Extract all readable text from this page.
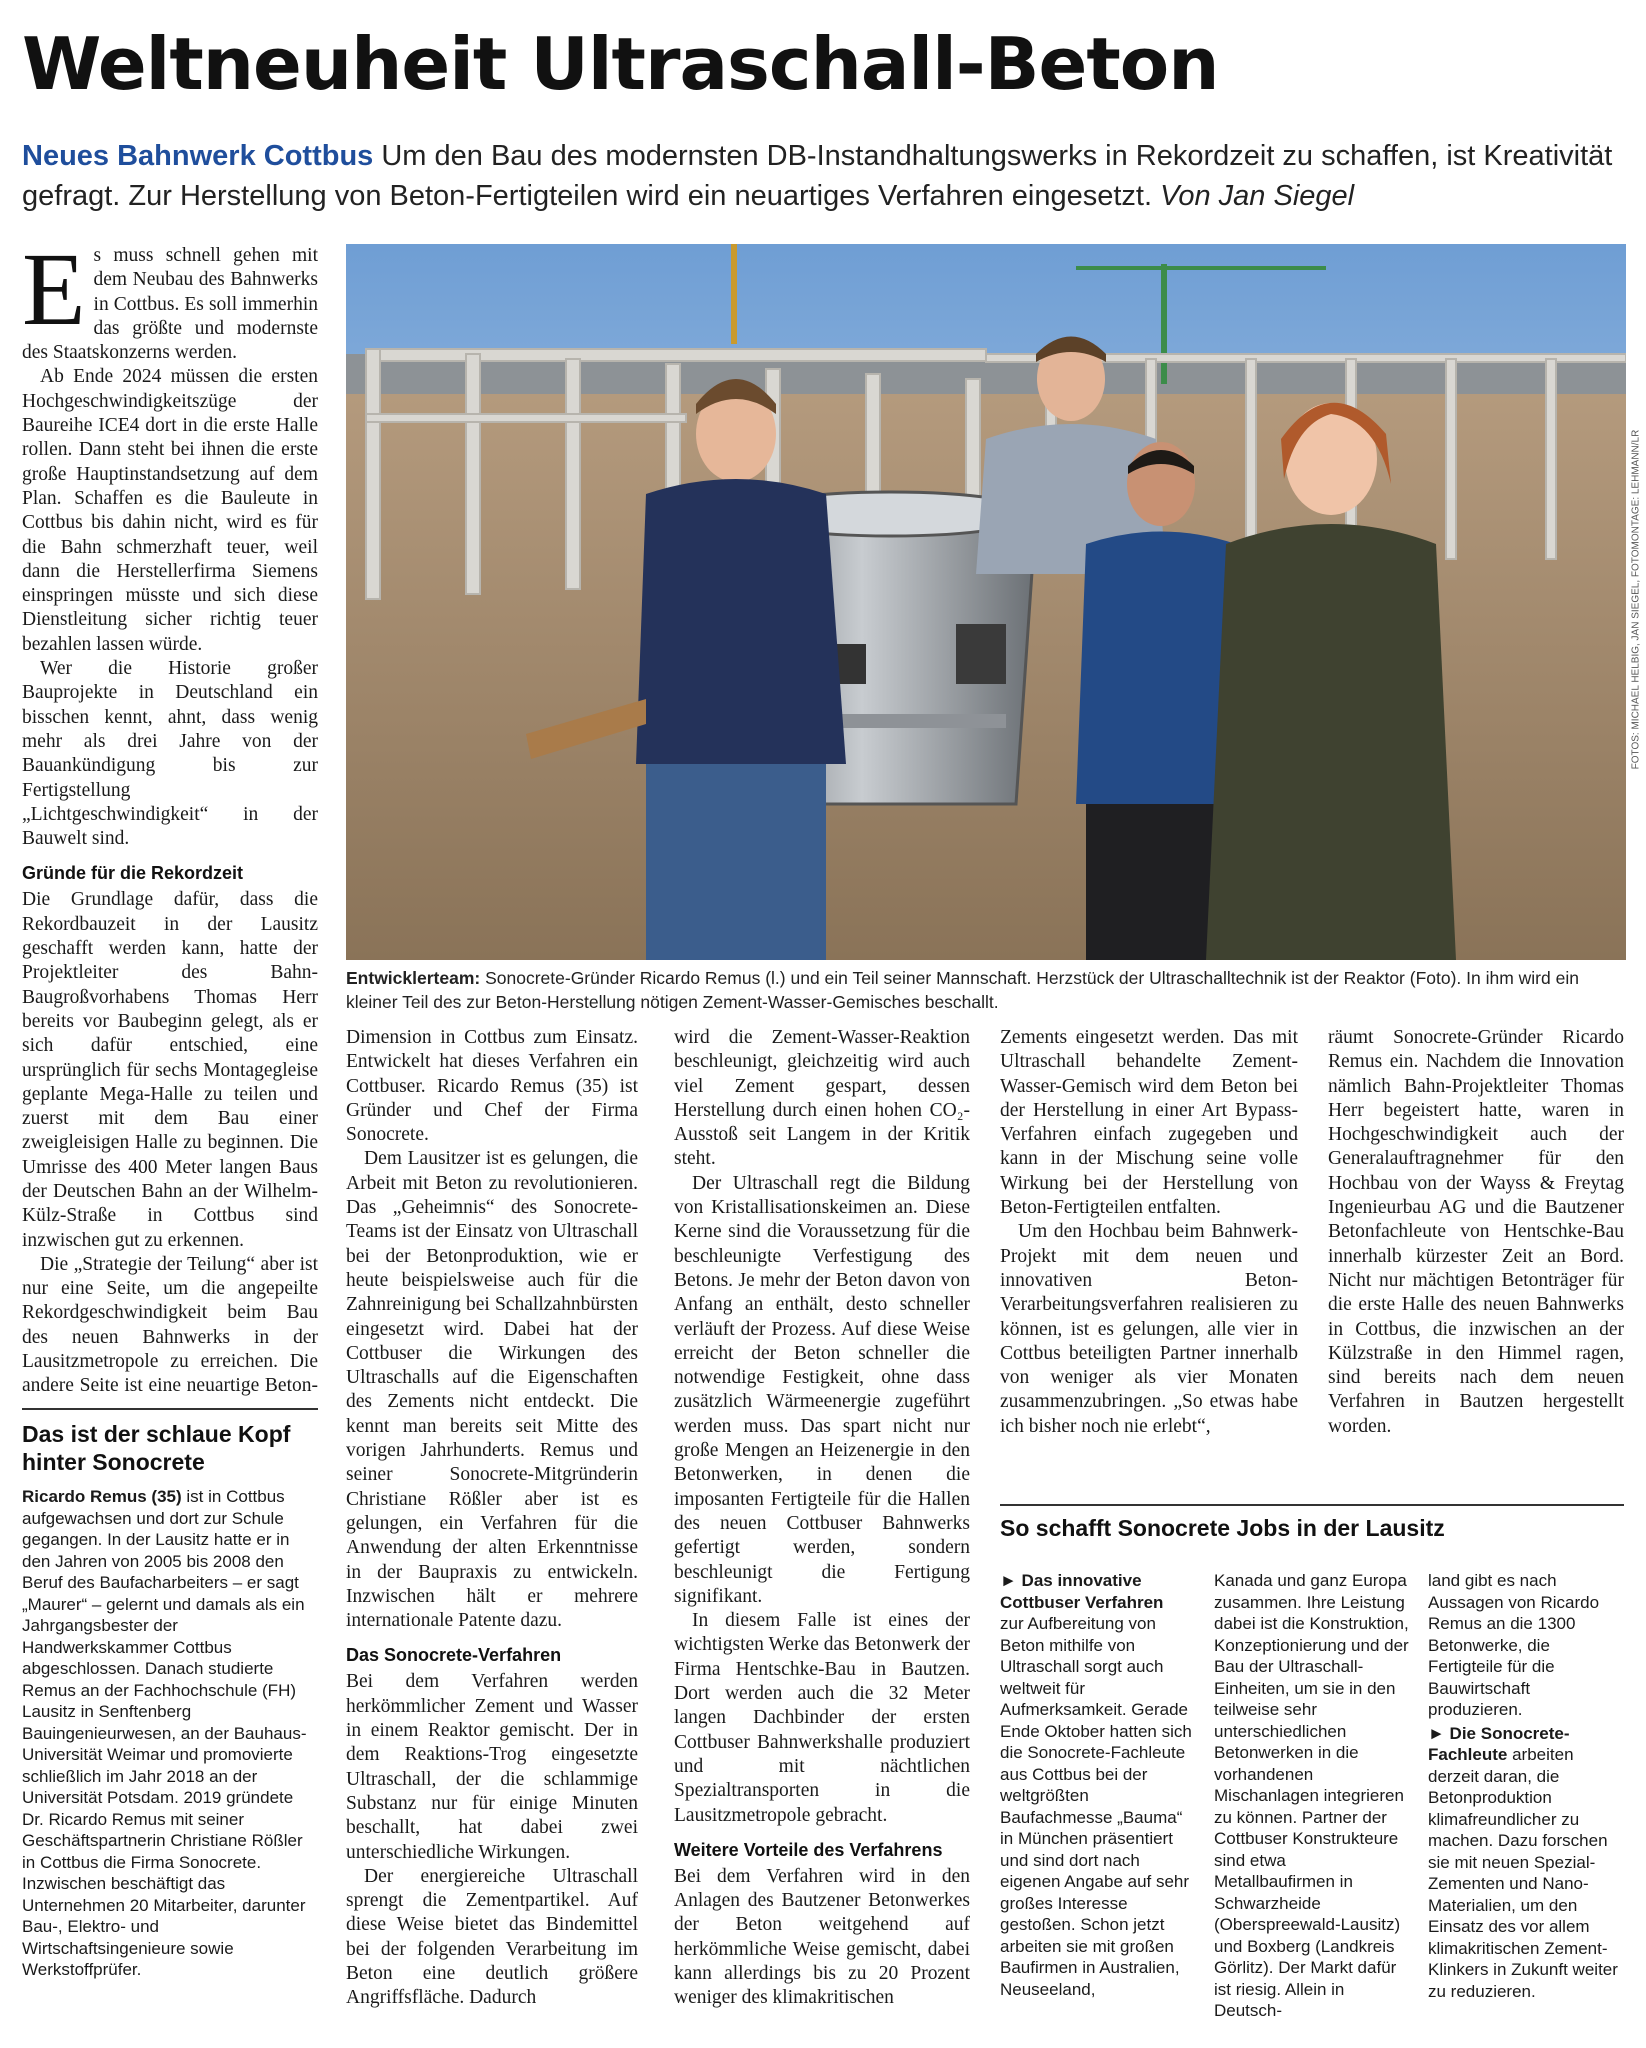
Weltneuheit Ultraschall-Beton
Neues Bahnwerk Cottbus Um den Bau des modernsten DB-Instandhaltungswerks in Rekordzeit zu schaffen, ist Kreativität gefragt. Zur Herstellung von Beton-Fertigteilen wird ein neuartiges Verfahren eingesetzt. Von Jan Siegel

Es muss schnell gehen mit dem Neubau des Bahnwerks in Cottbus. Es soll immerhin das größte und modernste des Staatskonzerns werden.

Ab Ende 2024 müssen die ersten Hochgeschwindigkeitszüge der Baureihe ICE4 dort in die erste Halle rollen. Dann steht bei ihnen die erste große Hauptinstandsetzung auf dem Plan. Schaffen es die Bauleute in Cottbus bis dahin nicht, wird es für die Bahn schmerzhaft teuer, weil dann die Herstellerfirma Siemens einspringen müsste und sich diese Dienstleitung sicher richtig teuer bezahlen lassen würde.

Wer die Historie großer Bauprojekte in Deutschland ein bisschen kennt, ahnt, dass wenig mehr als drei Jahre von der Bauankündigung bis zur Fertigstellung „Lichtgeschwindigkeit“ in der Bauwelt sind.

Gründe für die Rekordzeit

Die Grundlage dafür, dass die Rekordbauzeit in der Lausitz geschafft werden kann, hatte der Projektleiter des Bahn-Baugroßvorhabens Thomas Herr bereits vor Baubeginn gelegt, als er sich dafür entschied, eine ursprünglich für sechs Montagegleise geplante Mega-Halle zu teilen und zuerst mit dem Bau einer zweigleisigen Halle zu beginnen. Die Umrisse des 400 Meter langen Baus der Deutschen Bahn an der Wilhelm-Külz-Straße in Cottbus sind inzwischen gut zu erkennen.

Die „Strategie der Teilung“ aber ist nur eine Seite, um die angepeilte Rekordgeschwindigkeit beim Bau des neuen Bahnwerks in der Lausitzmetropole zu erreichen. Die andere Seite ist eine neuartige Beton-

Das ist der schlaue Kopf hinter Sonocrete
Ricardo Remus (35) ist in Cottbus aufgewachsen und dort zur Schule gegangen. In der Lausitz hatte er in den Jahren von 2005 bis 2008 den Beruf des Baufacharbeiters – er sagt „Maurer“ – gelernt und damals als ein Jahrgangsbester der Handwerkskammer Cottbus abgeschlossen. Danach studierte Remus an der Fachhochschule (FH) Lausitz in Senftenberg Bauingenieurwesen, an der Bauhaus-Universität Weimar und promovierte schließlich im Jahr 2018 an der Universität Potsdam. 2019 gründete Dr. Ricardo Remus mit seiner Geschäftspartnerin Christiane Rößler in Cottbus die Firma Sonocrete. Inzwischen beschäftigt das Unternehmen 20 Mitarbeiter, darunter Bau-, Elektro- und Wirtschaftsingenieure sowie Werkstoffprüfer.
FOTOS: MICHAEL HELBIG, JAN SIEGEL, FOTOMONTAGE: LEHMANN/LR
Entwicklerteam: Sonocrete-Gründer Ricardo Remus (l.) und ein Teil seiner Mannschaft. Herzstück der Ultraschalltechnik ist der Reaktor (Foto). In ihm wird ein kleiner Teil des zur Beton-Herstellung nötigen Zement-Wasser-Gemisches beschallt.

Dimension in Cottbus zum Einsatz. Entwickelt hat dieses Verfahren ein Cottbuser. Ricardo Remus (35) ist Gründer und Chef der Firma Sonocrete.

Dem Lausitzer ist es gelungen, die Arbeit mit Beton zu revolutionieren. Das „Geheimnis“ des Sonocrete-Teams ist der Einsatz von Ultraschall bei der Betonproduktion, wie er heute beispielsweise auch für die Zahnreinigung bei Schallzahnbürsten eingesetzt wird. Dabei hat der Cottbuser die Wirkungen des Ultraschalls auf die Eigenschaften des Zements nicht entdeckt. Die kennt man bereits seit Mitte des vorigen Jahrhunderts. Remus und seiner Sonocrete-Mitgründerin Christiane Rößler aber ist es gelungen, ein Verfahren für die Anwendung der alten Erkenntnisse in der Baupraxis zu entwickeln. Inzwischen hält er mehrere internationale Patente dazu.

Das Sonocrete-Verfahren

Bei dem Verfahren werden herkömmlicher Zement und Wasser in einem Reaktor gemischt. Der in dem Reaktions-Trog eingesetzte Ultraschall, der die schlammige Substanz nur für einige Minuten beschallt, hat dabei zwei unterschiedliche Wirkungen.

Der energiereiche Ultraschall sprengt die Zementpartikel. Auf diese Weise bietet das Bindemittel bei der folgenden Verarbeitung im Beton eine deutlich größere Angriffsfläche. Dadurch

wird die Zement-Wasser-Reaktion beschleunigt, gleichzeitig wird auch viel Zement gespart, dessen Herstellung durch einen hohen CO₂-Ausstoß seit Langem in der Kritik steht.

Der Ultraschall regt die Bildung von Kristallisationskeimen an. Diese Kerne sind die Voraussetzung für die beschleunigte Verfestigung des Betons. Je mehr der Beton davon von Anfang an enthält, desto schneller verläuft der Prozess. Auf diese Weise erreicht der Beton schneller die notwendige Festigkeit, ohne dass zusätzlich Wärmeenergie zugeführt werden muss. Das spart nicht nur große Mengen an Heizenergie in den Betonwerken, in denen die imposanten Fertigteile für die Hallen des neuen Cottbuser Bahnwerks gefertigt werden, sondern beschleunigt die Fertigung signifikant.

In diesem Falle ist eines der wichtigsten Werke das Betonwerk der Firma Hentschke-Bau in Bautzen. Dort werden auch die 32 Meter langen Dachbinder der ersten Cottbuser Bahnwerkshalle produziert und mit nächtlichen Spezialtransporten in die Lausitzmetropole gebracht.

Weitere Vorteile des Verfahrens

Bei dem Verfahren wird in den Anlagen des Bautzener Betonwerkes der Beton weitgehend auf herkömmliche Weise gemischt, dabei kann allerdings bis zu 20 Prozent weniger des klimakritischen

Zements eingesetzt werden. Das mit Ultraschall behandelte Zement-Wasser-Gemisch wird dem Beton bei der Herstellung in einer Art Bypass-Verfahren einfach zugegeben und kann in der Mischung seine volle Wirkung bei der Herstellung von Beton-Fertigteilen entfalten.

Um den Hochbau beim Bahnwerk-Projekt mit dem neuen und innovativen Beton-Verarbeitungsverfahren realisieren zu können, ist es gelungen, alle vier in Cottbus beteiligten Partner innerhalb von weniger als vier Monaten zusammenzubringen. „So etwas habe ich bisher noch nie erlebt“,

räumt Sonocrete-Gründer Ricardo Remus ein. Nachdem die Innovation nämlich Bahn-Projektleiter Thomas Herr begeistert hatte, waren in Hochgeschwindigkeit auch der Generalauftragnehmer für den Hochbau von der Wayss & Freytag Ingenieurbau AG und die Bautzener Betonfachleute von Hentschke-Bau innerhalb kürzester Zeit an Bord. Nicht nur mächtigen Betonträger für die erste Halle des neuen Bahnwerks in Cottbus, die inzwischen an der Külzstraße in den Himmel ragen, sind bereits nach dem neuen Verfahren in Bautzen hergestellt worden.

So schafft Sonocrete Jobs in der Lausitz
► Das innovative Cottbuser Verfahren
zur Aufbereitung von Beton mithilfe von Ultraschall sorgt auch weltweit für Aufmerksamkeit. Gerade Ende Oktober hatten sich die Sonocrete-Fachleute aus Cottbus bei der weltgrößten Baufachmesse „Bauma“ in München präsentiert und sind dort nach eigenen Angabe auf sehr großes Interesse gestoßen. Schon jetzt arbeiten sie mit großen Baufirmen in Australien, Neuseeland,
Kanada und ganz Europa zusammen. Ihre Leistung dabei ist die Konstruktion, Konzeptionierung und der Bau der Ultraschall-Einheiten, um sie in den teilweise sehr unterschiedlichen Betonwerken in die vorhandenen Mischanlagen integrieren zu können. Partner der Cottbuser Konstrukteure sind etwa Metallbaufirmen in Schwarzheide (Oberspreewald-Lausitz) und Boxberg (Landkreis Görlitz). Der Markt dafür ist riesig. Allein in Deutsch-
land gibt es nach Aussagen von Ricardo Remus an die 1300 Betonwerke, die Fertigteile für die Bauwirtschaft produzieren.
► Die Sonocrete-Fachleute arbeiten derzeit daran, die Betonproduktion klimafreundlicher zu machen. Dazu forschen sie mit neuen Spezial-Zementen und Nano-Materialien, um den Einsatz des vor allem klimakritischen Zement-Klinkers in Zukunft weiter zu reduzieren.
